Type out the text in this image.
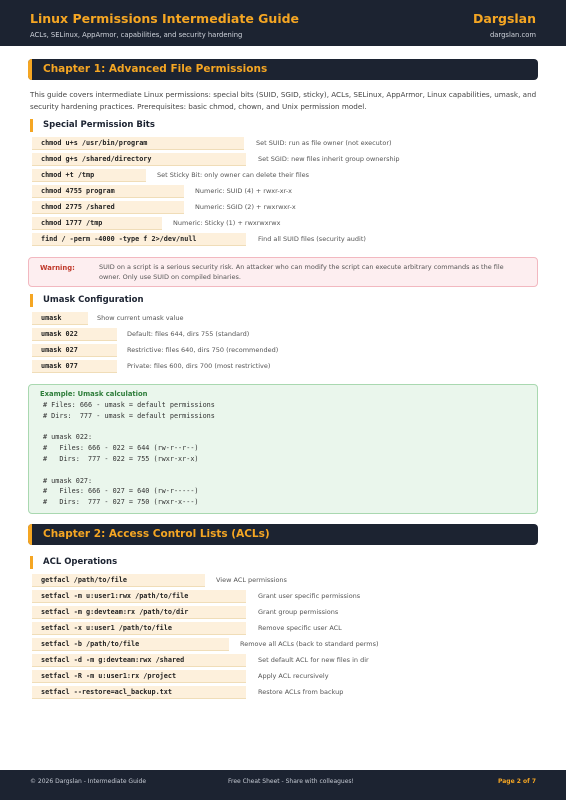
Linux Permissions Intermediate Guide
ACLs, SELinux, AppArmor, capabilities, and security hardening
Dargslan
dargslan.com
Chapter 1: Advanced File Permissions
This guide covers intermediate Linux permissions: special bits (SUID, SGID, sticky), ACLs, SELinux, AppArmor, Linux capabilities, umask, and security hardening practices. Prerequisites: basic chmod, chown, and Unix permission model.
Special Permission Bits
chmod u+s /usr/bin/program	Set SUID: run as file owner (not executor)
chmod g+s /shared/directory	Set SGID: new files inherit group ownership
chmod +t /tmp	Set Sticky Bit: only owner can delete their files
chmod 4755 program	Numeric: SUID (4) + rwxr-xr-x
chmod 2775 /shared	Numeric: SGID (2) + rwxrwxr-x
chmod 1777 /tmp	Numeric: Sticky (1) + rwxrwxrwx
find / -perm -4000 -type f 2>/dev/null	Find all SUID files (security audit)
Warning:	SUID on a script is a serious security risk. An attacker who can modify the script can execute arbitrary commands as the file owner. Only use SUID on compiled binaries.
Umask Configuration
umask	Show current umask value
umask 022	Default: files 644, dirs 755 (standard)
umask 027	Restrictive: files 640, dirs 750 (recommended)
umask 077	Private: files 600, dirs 700 (most restrictive)
Example: Umask calculation
# Files: 666 - umask = default permissions
# Dirs:  777 - umask = default permissions

# umask 022:
#   Files: 666 - 022 = 644 (rw-r--r--)
#   Dirs:  777 - 022 = 755 (rwxr-xr-x)

# umask 027:
#   Files: 666 - 027 = 640 (rw-r-----)
#   Dirs:  777 - 027 = 750 (rwxr-x---)
Chapter 2: Access Control Lists (ACLs)
ACL Operations
getfacl /path/to/file	View ACL permissions
setfacl -m u:user1:rwx /path/to/file	Grant user specific permissions
setfacl -m g:devteam:rx /path/to/dir	Grant group permissions
setfacl -x u:user1 /path/to/file	Remove specific user ACL
setfacl -b /path/to/file	Remove all ACLs (back to standard perms)
setfacl -d -m g:devteam:rwx /shared	Set default ACL for new files in dir
setfacl -R -m u:user1:rx /project	Apply ACL recursively
setfacl --restore=acl_backup.txt	Restore ACLs from backup
© 2026 Dargslan - Intermediate Guide	Free Cheat Sheet - Share with colleagues!	Page 2 of 7
